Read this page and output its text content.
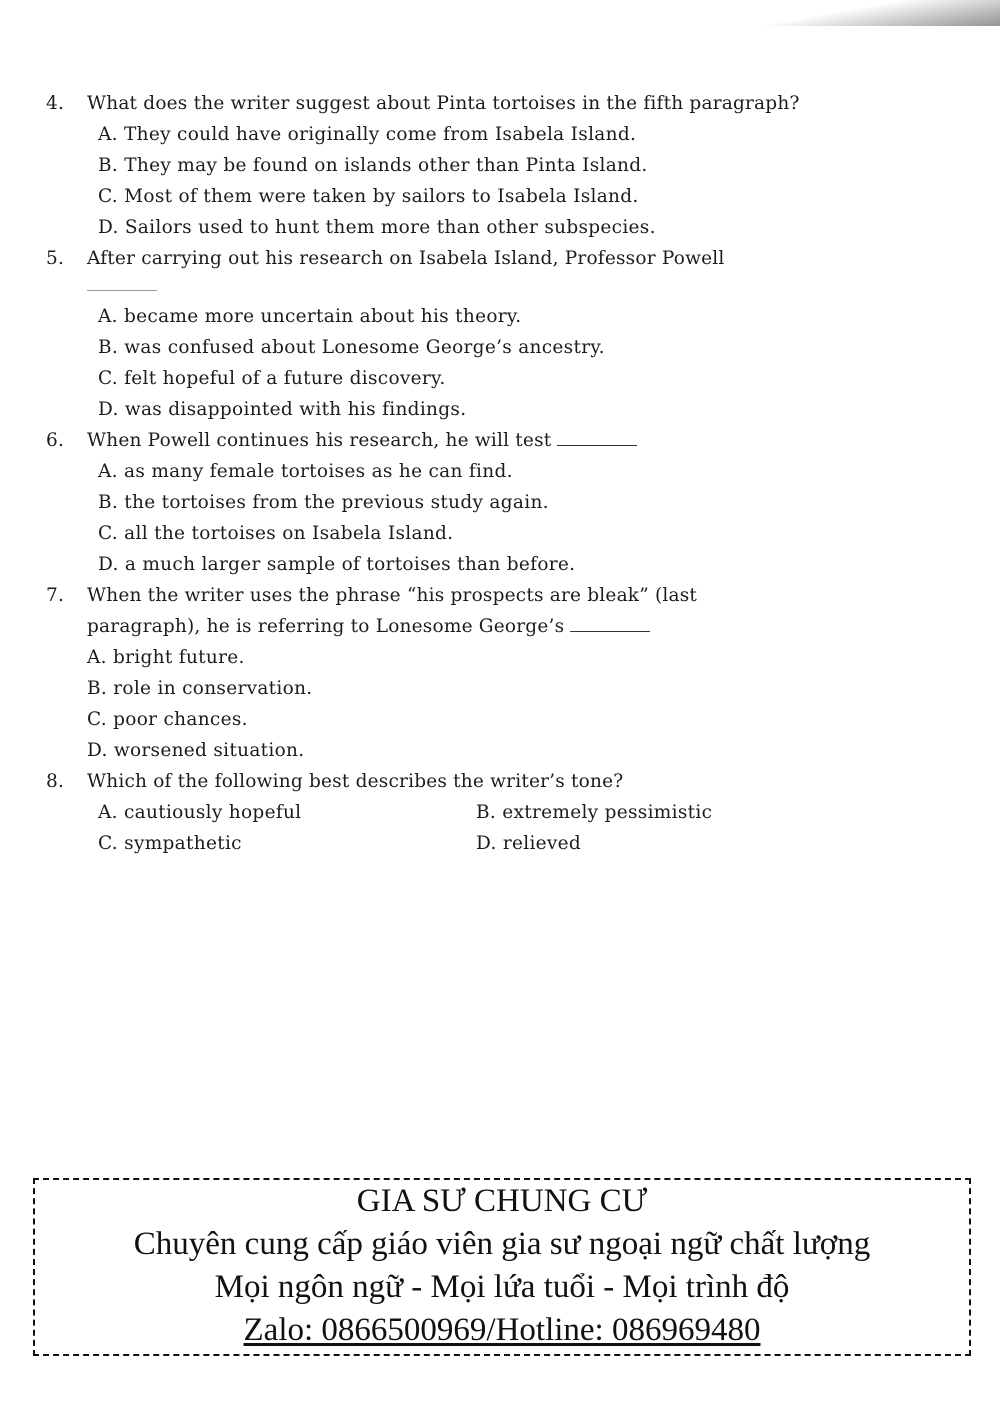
4.	What does the writer suggest about Pinta tortoises in the fifth paragraph?
A. They could have originally come from Isabela Island.
B. They may be found on islands other than Pinta Island.
C. Most of them were taken by sailors to Isabela Island.
D. Sailors used to hunt them more than other subspecies.
5.	After carrying out his research on Isabela Island, Professor Powell
A. became more uncertain about his theory.
B. was confused about Lonesome George’s ancestry.
C. felt hopeful of a future discovery.
D. was disappointed with his findings.
6.	When Powell continues his research, he will test
A. as many female tortoises as he can find.
B. the tortoises from the previous study again.
C. all the tortoises on Isabela Island.
D. a much larger sample of tortoises than before.
7.	When the writer uses the phrase “his prospects are bleak” (last
paragraph), he is referring to Lonesome George’s
A. bright future.
B. role in conservation.
C. poor chances.
D. worsened situation.
8.	Which of the following best describes the writer’s tone?
A. cautiously hopeful	B. extremely pessimistic
C. sympathetic	D. relieved
GIA SƯ CHUNG CƯ
Chuyên cung cấp giáo viên gia sư ngoại ngữ chất lượng
Mọi ngôn ngữ - Mọi lứa tuổi - Mọi trình độ
Zalo: 0866500969/Hotline: 086969480
